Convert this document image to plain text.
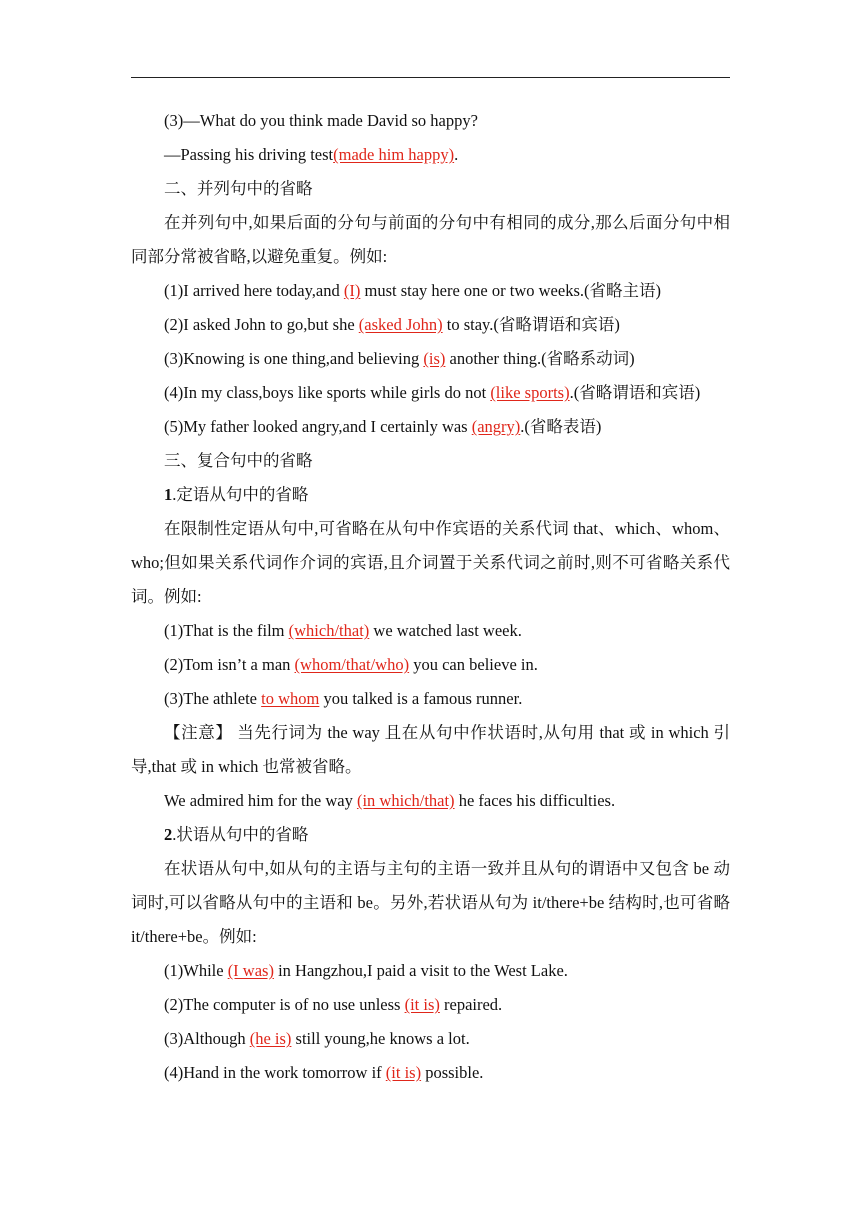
(3)—What do you think made David so happy?

—Passing his driving test(made him happy).

二、并列句中的省略

在并列句中,如果后面的分句与前面的分句中有相同的成分,那么后面分句中相同部分常被省略,以避免重复。例如:

(1)I arrived here today,and (I) must stay here one or two weeks.(省略主语)

(2)I asked John to go,but she (asked John) to stay.(省略谓语和宾语)

(3)Knowing is one thing,and believing (is) another thing.(省略系动词)

(4)In my class,boys like sports while girls do not (like sports).(省略谓语和宾语)

(5)My father looked angry,and I certainly was (angry).(省略表语)

三、复合句中的省略

1.定语从句中的省略

在限制性定语从句中,可省略在从句中作宾语的关系代词 that、which、whom、who;但如果关系代词作介词的宾语,且介词置于关系代词之前时,则不可省略关系代词。例如:

(1)That is the film (which/that) we watched last week.

(2)Tom isn’t a man (whom/that/who) you can believe in.

(3)The athlete to whom you talked is a famous runner.

【注意】 当先行词为 the way 且在从句中作状语时,从句用 that 或 in which 引导,that 或 in which 也常被省略。

We admired him for the way (in which/that) he faces his difficulties.

2.状语从句中的省略

在状语从句中,如从句的主语与主句的主语一致并且从句的谓语中又包含 be 动词时,可以省略从句中的主语和 be。另外,若状语从句为 it/there+be 结构时,也可省略 it/there+be。例如:

(1)While (I was) in Hangzhou,I paid a visit to the West Lake.

(2)The computer is of no use unless (it is) repaired.

(3)Although (he is) still young,he knows a lot.

(4)Hand in the work tomorrow if (it is) possible.
